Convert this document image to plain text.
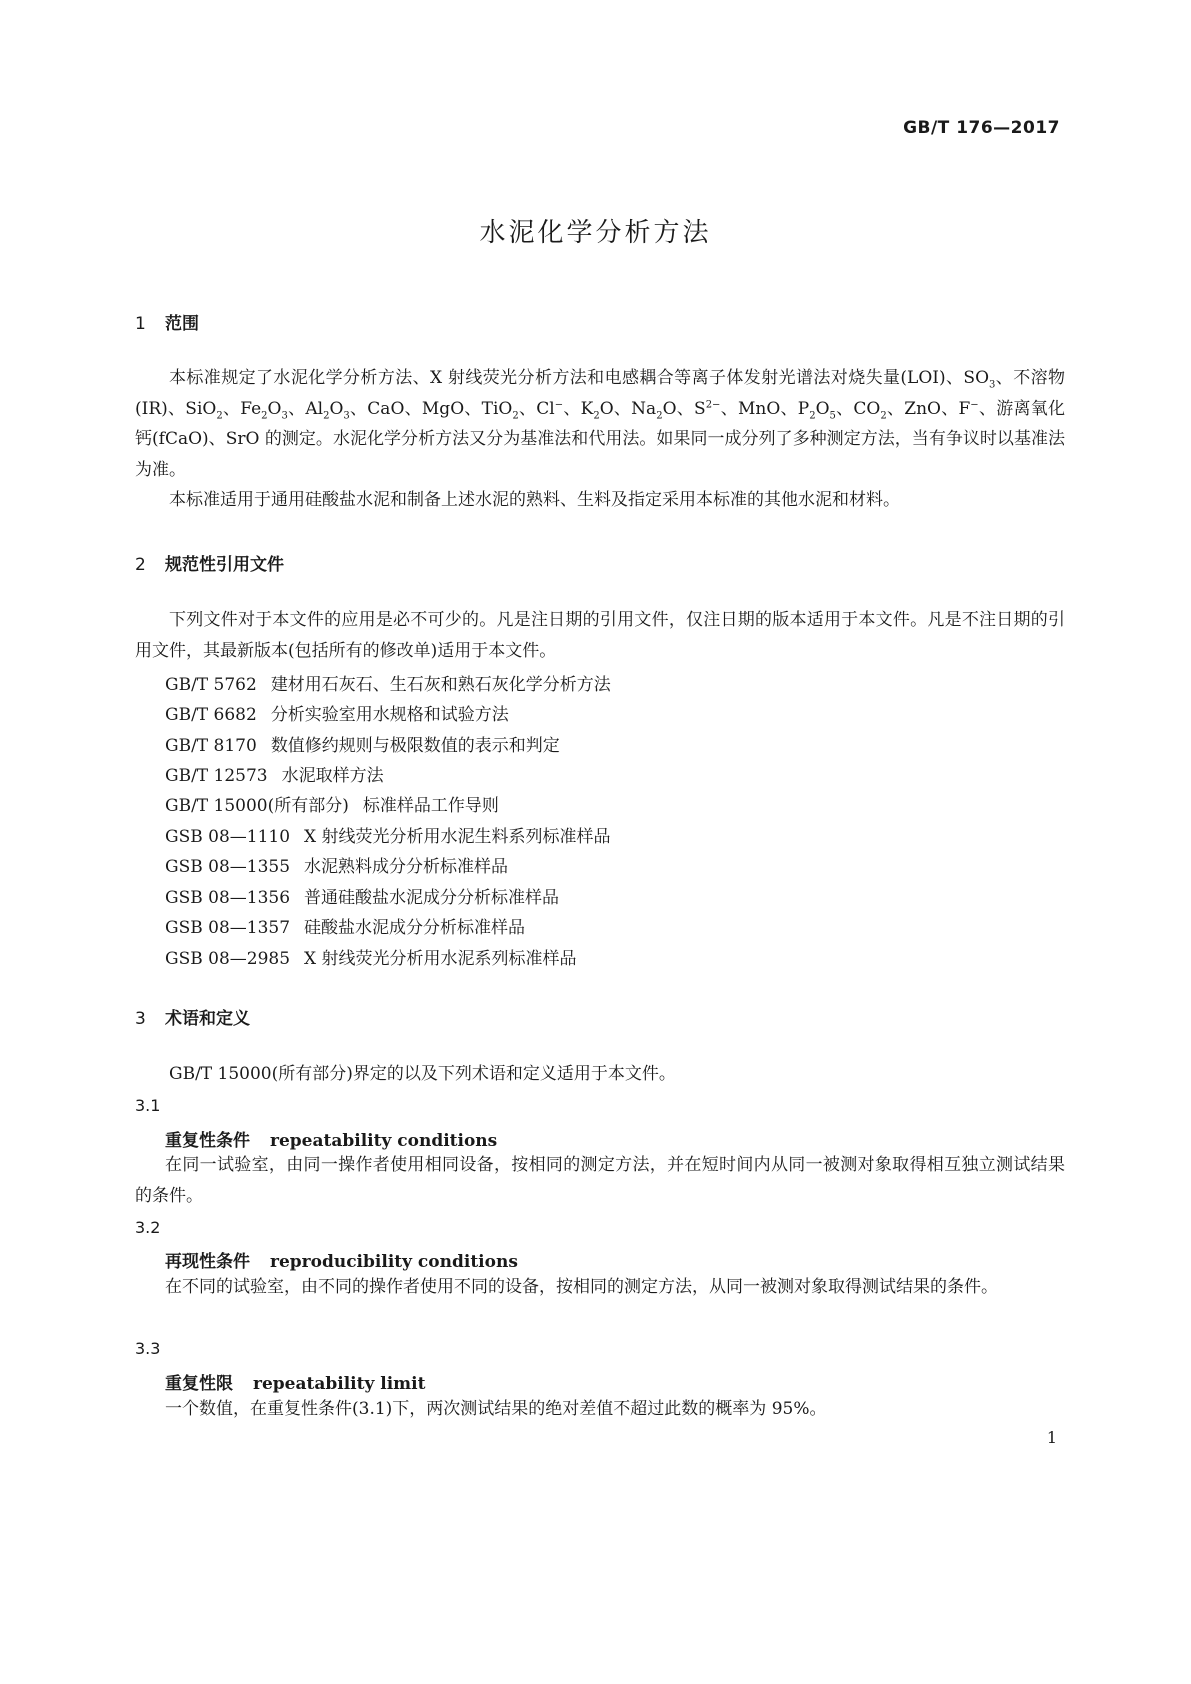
GB/T 176—2017
水泥化学分析方法
1 范围
本标准规定了水泥化学分析方法、X 射线荧光分析方法和电感耦合等离子体发射光谱法对烧失量(LOI)、$SO_3$、不溶物(IR)、SiO$_2$、$Fe_2O_3$、$Al_2O_3$、CaO、MgO、TiO$_2$、Cl−、$K_2O$、$Na_2O$、$S^{2-}$、MnO、$P_2O_5$、$CO_2$、ZnO、F−、游离氧化钙(fCaO)、SrO 的测定。水泥化学分析方法又分为基准法和代用法。如果同一成分列了多种测定方法，当有争议时以基准法为准。
本标准适用于通用硅酸盐水泥和制备上述水泥的熟料、生料及指定采用本标准的其他水泥和材料。
2 规范性引用文件
下列文件对于本文件的应用是必不可少的。凡是注日期的引用文件，仅注日期的版本适用于本文件。凡是不注日期的引用文件，其最新版本(包括所有的修改单)适用于本文件。
GB/T 5762 建材用石灰石、生石灰和熟石灰化学分析方法
GB/T 6682 分析实验室用水规格和试验方法
GB/T 8170 数值修约规则与极限数值的表示和判定
GB/T 12573 水泥取样方法
GB/T 15000(所有部分) 标准样品工作导则
GSB 08—1110 X 射线荧光分析用水泥生料系列标准样品
GSB 08—1355 水泥熟料成分分析标准样品
GSB 08—1356 普通硅酸盐水泥成分分析标准样品
GSB 08—1357 硅酸盐水泥成分分析标准样品
GSB 08—2985 X 射线荧光分析用水泥系列标准样品
3 术语和定义
GB/T 15000(所有部分)界定的以及下列术语和定义适用于本文件。
3.1
重复性条件 repeatability conditions
在同一试验室，由同一操作者使用相同设备，按相同的测定方法，并在短时间内从同一被测对象取得相互独立测试结果的条件。
3.2
再现性条件 reproducibility conditions
在不同的试验室，由不同的操作者使用不同的设备，按相同的测定方法，从同一被测对象取得测试结果的条件。
3.3
重复性限 repeatability limit
一个数值，在重复性条件(3.1)下，两次测试结果的绝对差值不超过此数的概率为 95%。
1
